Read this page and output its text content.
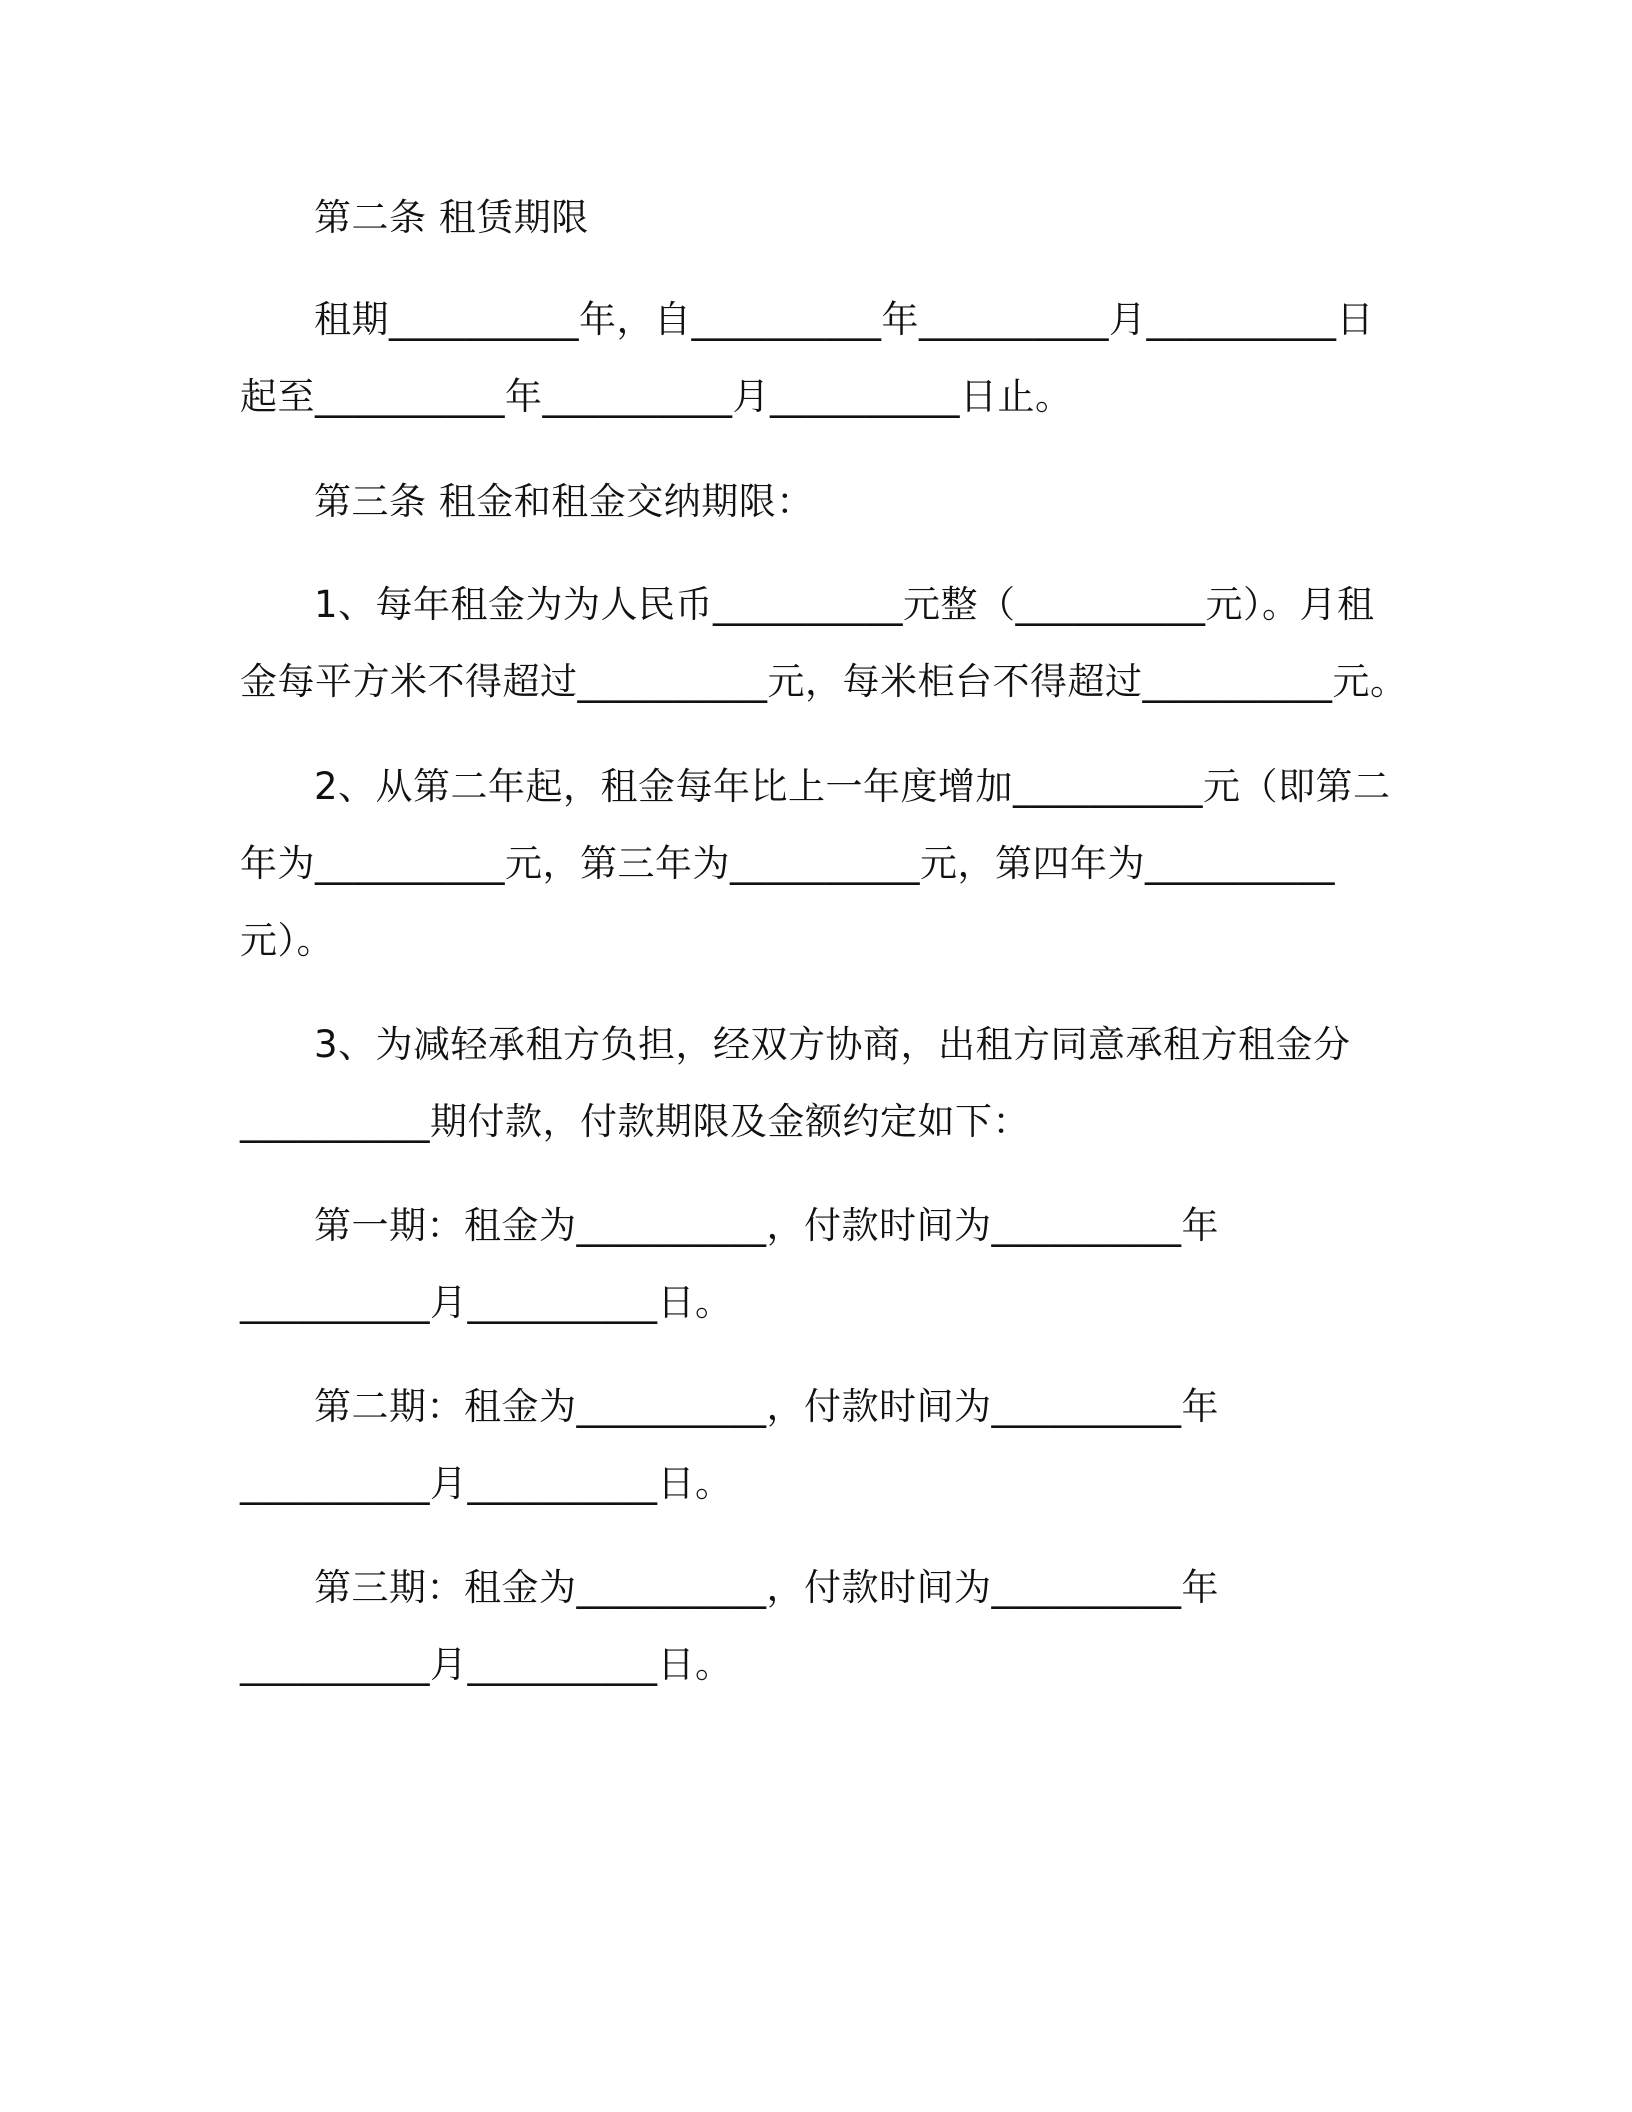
第二条 租赁期限
租期__________年，自__________年__________月__________日
起至__________年__________月__________日止。
第三条 租金和租金交纳期限：
1、每年租金为为人民币__________元整（__________元）。月租
金每平方米不得超过__________元，每米柜台不得超过__________元。
2、从第二年起，租金每年比上一年度增加__________元（即第二
年为__________元，第三年为__________元，第四年为__________
元）。
3、为减轻承租方负担，经双方协商，出租方同意承租方租金分
__________期付款，付款期限及金额约定如下：
第一期：租金为__________，付款时间为__________年
__________月__________日。
第二期：租金为__________，付款时间为__________年
__________月__________日。
第三期：租金为__________，付款时间为__________年
__________月__________日。
